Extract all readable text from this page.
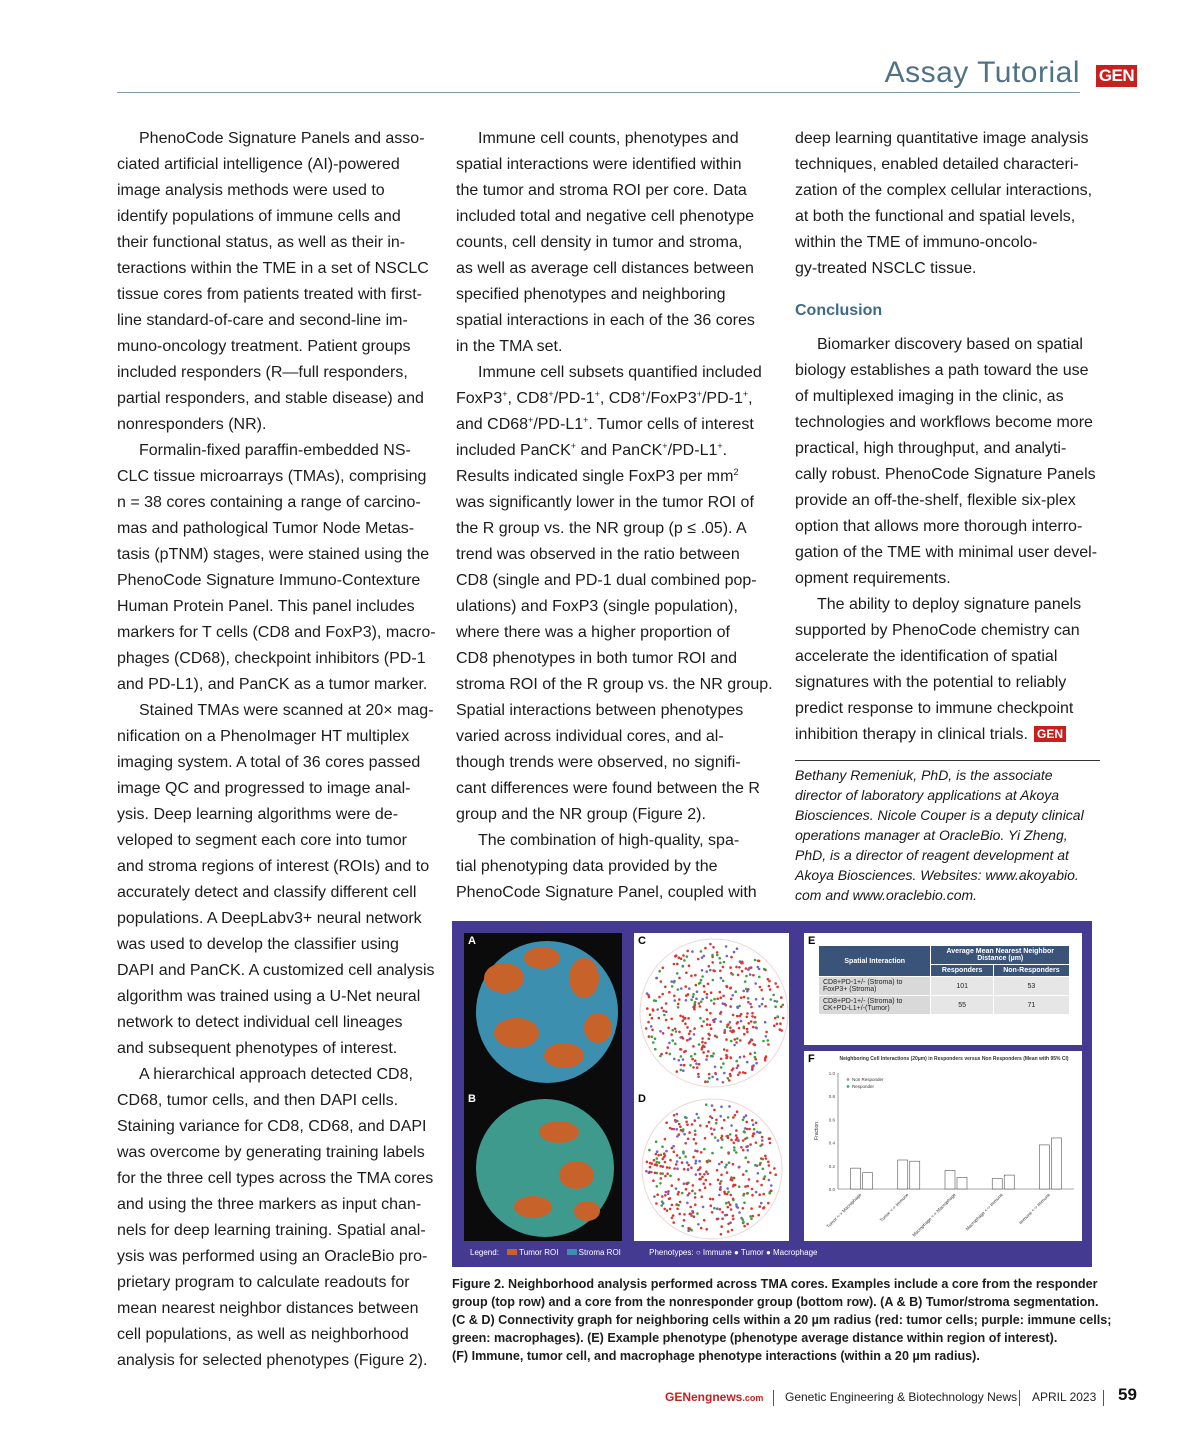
Assay Tutorial GEN

PhenoCode Signature Panels and asso-
ciated artificial intelligence (AI)-powered
image analysis methods were used to
identify populations of immune cells and
their functional status, as well as their in-
teractions within the TME in a set of NSCLC
tissue cores from patients treated with first-
line standard-of-care and second-line im-
muno-oncology treatment. Patient groups
included responders (R—full responders,
partial responders, and stable disease) and
nonresponders (NR).

Formalin-fixed paraffin-embedded NS-
CLC tissue microarrays (TMAs), comprising
n = 38 cores containing a range of carcino-
mas and pathological Tumor Node Metas-
tasis (pTNM) stages, were stained using the
PhenoCode Signature Immuno-Contexture
Human Protein Panel. This panel includes
markers for T cells (CD8 and FoxP3), macro-
phages (CD68), checkpoint inhibitors (PD-1
and PD-L1), and PanCK as a tumor marker.

Stained TMAs were scanned at 20× mag-
nification on a PhenoImager HT multiplex
imaging system. A total of 36 cores passed
image QC and progressed to image anal-
ysis. Deep learning algorithms were de-
veloped to segment each core into tumor
and stroma regions of interest (ROIs) and to
accurately detect and classify different cell
populations. A DeepLabv3+ neural network
was used to develop the classifier using
DAPI and PanCK. A customized cell analysis
algorithm was trained using a U-Net neural
network to detect individual cell lineages
and subsequent phenotypes of interest.

A hierarchical approach detected CD8,
CD68, tumor cells, and then DAPI cells.
Staining variance for CD8, CD68, and DAPI
was overcome by generating training labels
for the three cell types across the TMA cores
and using the three markers as input chan-
nels for deep learning training. Spatial anal-
ysis was performed using an OracleBio pro-
prietary program to calculate readouts for
mean nearest neighbor distances between
cell populations, as well as neighborhood
analysis for selected phenotypes (Figure 2).

Immune cell counts, phenotypes and
spatial interactions were identified within
the tumor and stroma ROI per core. Data
included total and negative cell phenotype
counts, cell density in tumor and stroma,
as well as average cell distances between
specified phenotypes and neighboring
spatial interactions in each of the 36 cores
in the TMA set.

Immune cell subsets quantified included
FoxP3+, CD8+/PD-1+, CD8+/FoxP3+/PD-1+,
and CD68+/PD-L1+. Tumor cells of interest
included PanCK+ and PanCK+/PD-L1+.
Results indicated single FoxP3 per $mm^2$
was significantly lower in the tumor ROI of
the R group vs. the NR group (p ≤ .05). A
trend was observed in the ratio between
CD8 (single and PD-1 dual combined pop-
ulations) and FoxP3 (single population),
where there was a higher proportion of
CD8 phenotypes in both tumor ROI and
stroma ROI of the R group vs. the NR group.
Spatial interactions between phenotypes
varied across individual cores, and al-
though trends were observed, no signifi-
cant differences were found between the R
group and the NR group (Figure 2).

The combination of high-quality, spa-
tial phenotyping data provided by the
PhenoCode Signature Panel, coupled with

deep learning quantitative image analysis
techniques, enabled detailed characteri-
zation of the complex cellular interactions,
at both the functional and spatial levels,
within the TME of immuno-oncolo-
gy-treated NSCLC tissue.

Conclusion

Biomarker discovery based on spatial
biology establishes a path toward the use
of multiplexed imaging in the clinic, as
technologies and workflows become more
practical, high throughput, and analyti-
cally robust. PhenoCode Signature Panels
provide an off-the-shelf, flexible six-plex
option that allows more thorough interro-
gation of the TME with minimal user devel-
opment requirements.

The ability to deploy signature panels
supported by PhenoCode chemistry can
accelerate the identification of spatial
signatures with the potential to reliably
predict response to immune checkpoint
inhibition therapy in clinical trials. GEN

Bethany Remeniuk, PhD, is the associate
director of laboratory applications at Akoya
Biosciences. Nicole Couper is a deputy clinical
operations manager at OracleBio. Yi Zheng,
PhD, is a director of reagent development at
Akoya Biosciences. Websites: www.akoyabio.
com and www.oraclebio.com.
A
B
C
D
E
Spatial Interaction	Average Mean Nearest Neighbor Distance (µm)	
	Responders	Non-Responders
CD8+PD-1+/- (Stroma) to FoxP3+ (Stroma)	101	53
CD8+PD-1+/- (Stroma) to CK+PD-L1+/-(Tumor)	55	71
F	Neighboring Cell Interactions (20µm) in Responders versus Non Responders (Mean with 95% CI)
Fraction
0.0
0.2
0.4
0.6
0.8
1.0
Tumor <-> Macrophage	Tumor <-> Immune Macrophage <-> Macrophage Macrophage <-> Immune	Immune <-> Immune
Non Responder
Responder
Legend:	Tumor ROI	Stroma ROI	Phenotypes: ○ Immune ● Tumor ● Macrophage
Figure 2. Neighborhood analysis performed across TMA cores. Examples include a core from the responder
group (top row) and a core from the nonresponder group (bottom row). (A & B) Tumor/stroma segmentation.
(C & D) Connectivity graph for neighboring cells within a 20 µm radius (red: tumor cells; purple: immune cells;
green: macrophages). (E) Example phenotype (phenotype average distance within region of interest).
(F) Immune, tumor cell, and macrophage phenotype interactions (within a 20 µm radius).
GENengnews.com Genetic Engineering & Biotechnology News APRIL 2023 59
